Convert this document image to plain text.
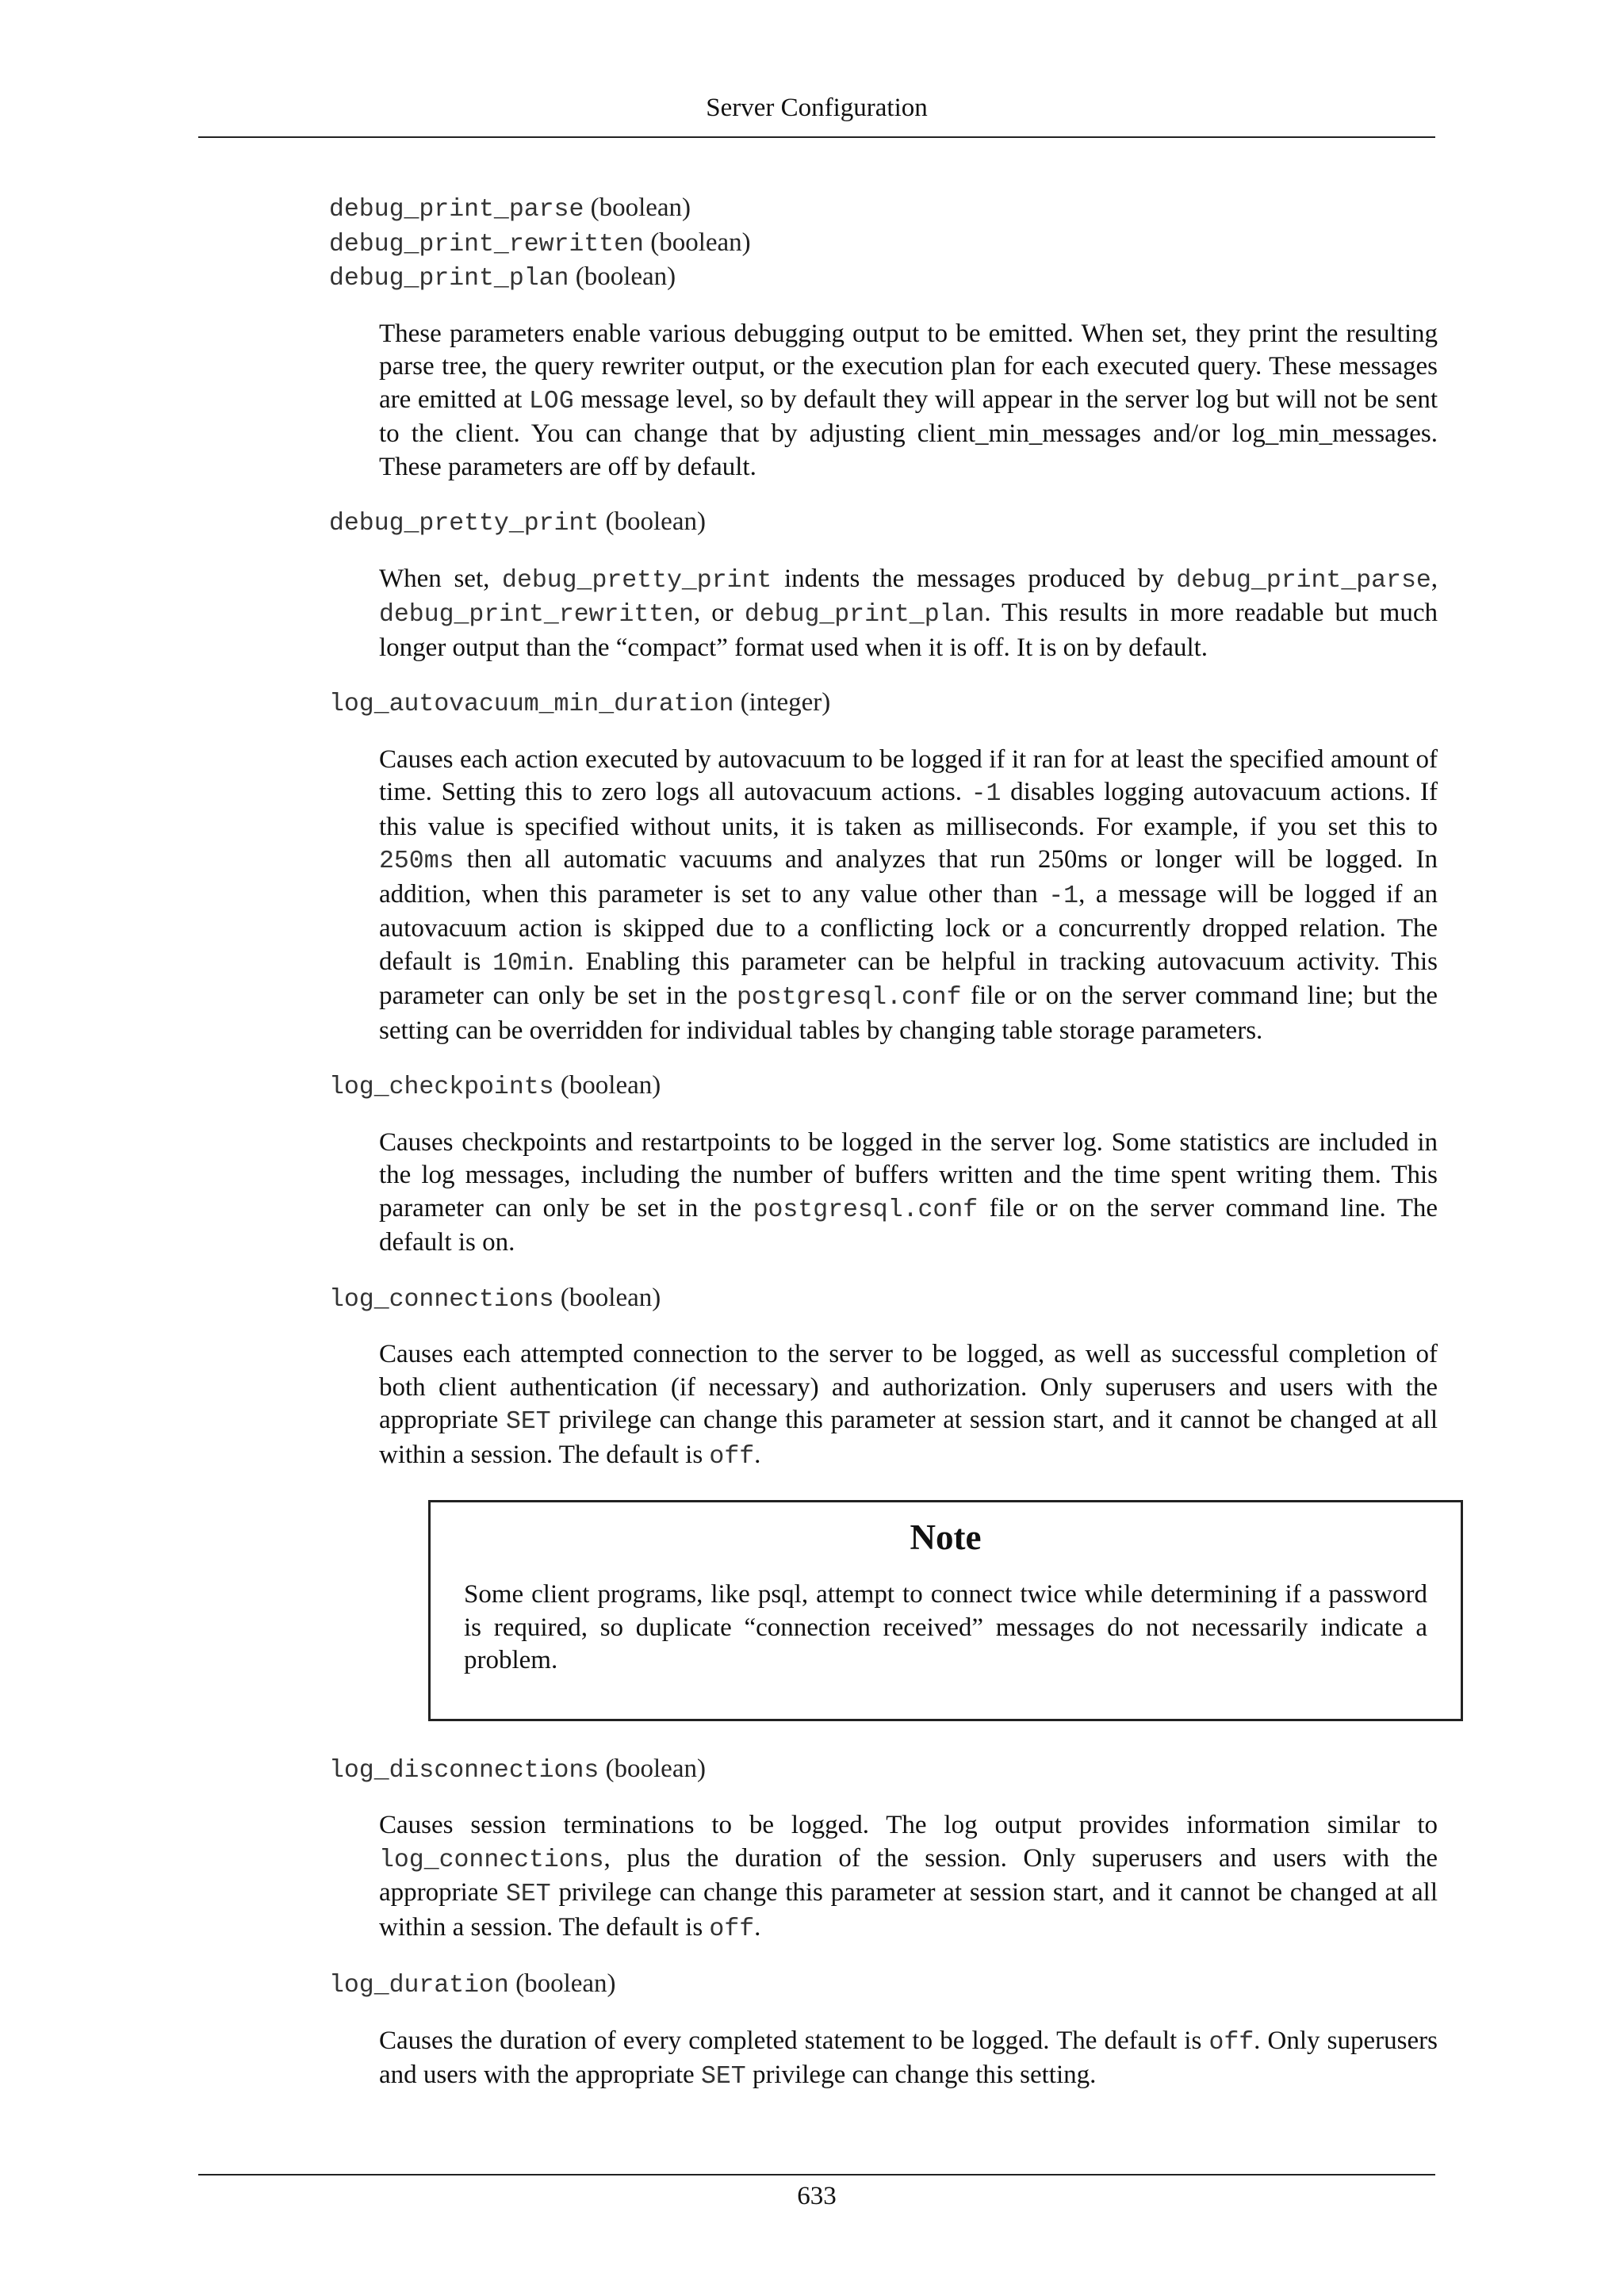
Server Configuration
debug_print_parse (boolean)
debug_print_rewritten (boolean)
debug_print_plan (boolean)
These parameters enable various debugging output to be emitted. When set, they print the resulting parse tree, the query rewriter output, or the execution plan for each executed query. These messages are emitted at LOG message level, so by default they will appear in the server log but will not be sent to the client. You can change that by adjusting client_min_messages and/or log_min_messages. These parameters are off by default.
debug_pretty_print (boolean)
When set, debug_pretty_print indents the messages produced by debug_print_parse, debug_print_rewritten, or debug_print_plan. This results in more readable but much longer output than the “compact” format used when it is off. It is on by default.
log_autovacuum_min_duration (integer)
Causes each action executed by autovacuum to be logged if it ran for at least the specified amount of time. Setting this to zero logs all autovacuum actions. -1 disables logging autovacuum actions. If this value is specified without units, it is taken as milliseconds. For example, if you set this to 250ms then all automatic vacuums and analyzes that run 250ms or longer will be logged. In addition, when this parameter is set to any value other than -1, a message will be logged if an autovacuum action is skipped due to a conflicting lock or a concurrently dropped relation. The default is 10min. Enabling this parameter can be helpful in tracking autovacuum activity. This parameter can only be set in the postgresql.conf file or on the server command line; but the setting can be overridden for individual tables by changing table storage parameters.
log_checkpoints (boolean)
Causes checkpoints and restartpoints to be logged in the server log. Some statistics are included in the log messages, including the number of buffers written and the time spent writing them. This parameter can only be set in the postgresql.conf file or on the server command line. The default is on.
log_connections (boolean)
Causes each attempted connection to the server to be logged, as well as successful completion of both client authentication (if necessary) and authorization. Only superusers and users with the appropriate SET privilege can change this parameter at session start, and it cannot be changed at all within a session. The default is off.
Note
Some client programs, like psql, attempt to connect twice while determining if a password is required, so duplicate “connection received” messages do not necessarily indicate a problem.
log_disconnections (boolean)
Causes session terminations to be logged. The log output provides information similar to log_connections, plus the duration of the session. Only superusers and users with the appropriate SET privilege can change this parameter at session start, and it cannot be changed at all within a session. The default is off.
log_duration (boolean)
Causes the duration of every completed statement to be logged. The default is off. Only superusers and users with the appropriate SET privilege can change this setting.
633
